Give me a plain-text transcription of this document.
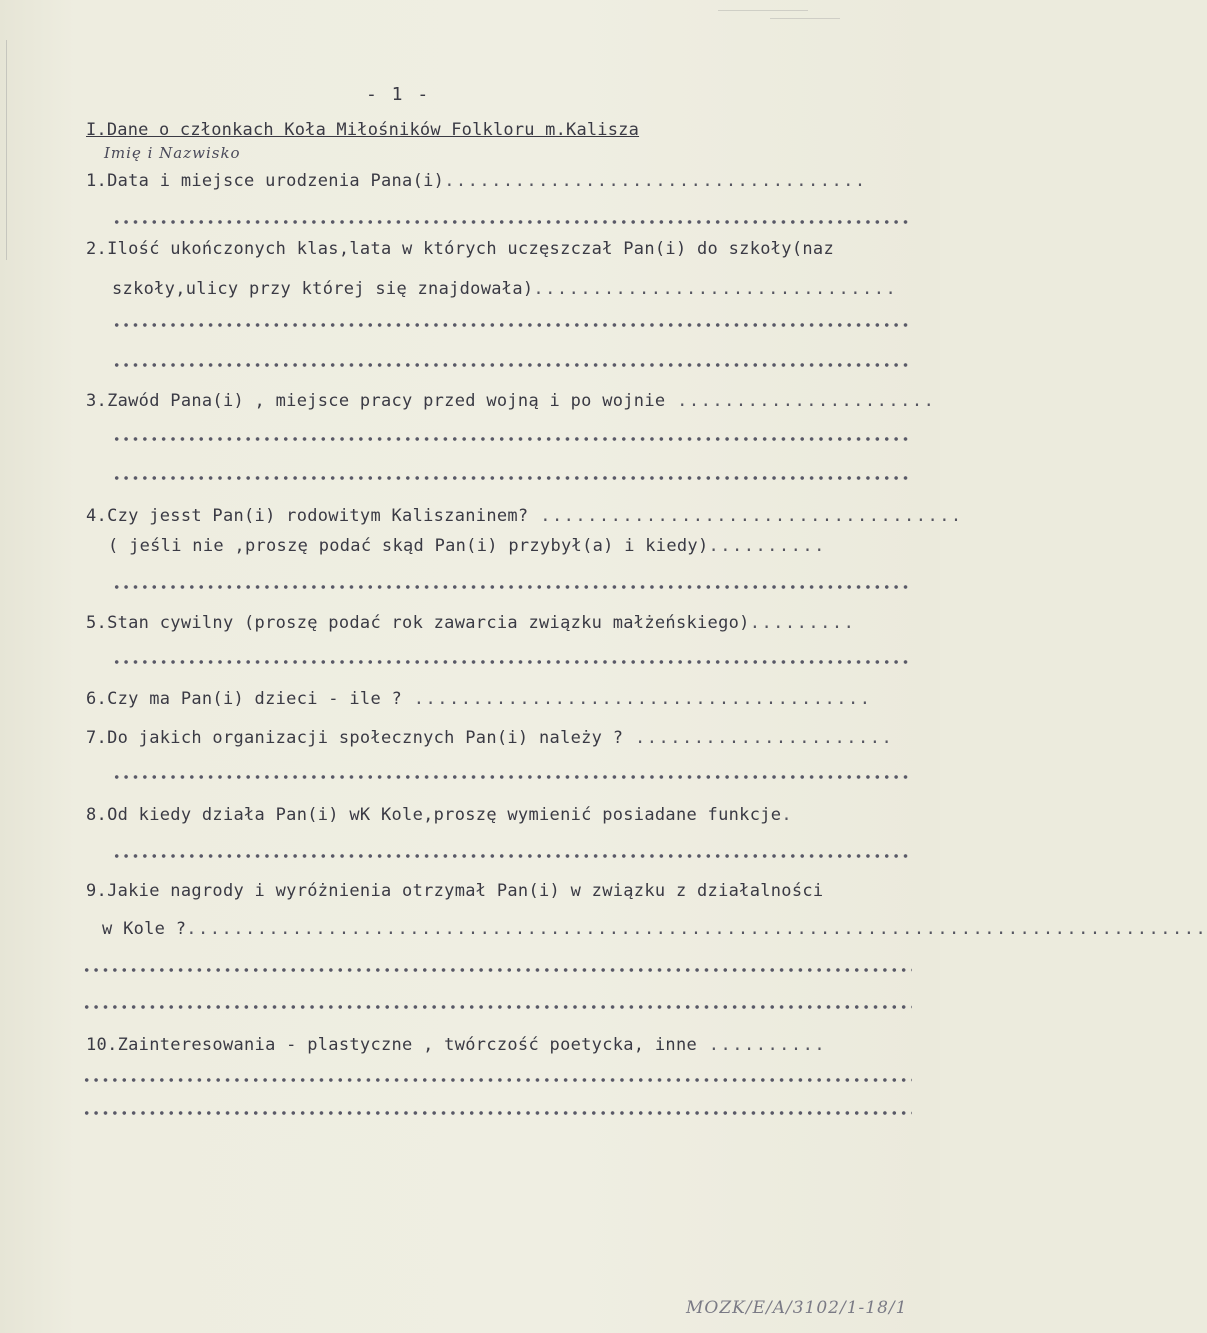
- 1 -
I.Dane o członkach Koła Miłośników Folkloru m.Kalisza
Imię i Nazwisko
1.Data i miejsce urodzenia Pana(i)....................................
2.Ilość ukończonych klas,lata w których uczęszczał Pan(i) do szkoły(naz
szkoły,ulicy przy której się znajdowała)...............................
3.Zawód Pana(i) , miejsce pracy przed wojną i po wojnie ......................
4.Czy jesst Pan(i) rodowitym Kaliszaninem? ....................................
( jeśli nie ,proszę podać skąd Pan(i) przybył(a) i kiedy)..........
5.Stan cywilny (proszę podać rok zawarcia związku małżeńskiego).........
6.Czy ma Pan(i) dzieci - ile ? .......................................
7.Do jakich organizacji społecznych Pan(i) należy ? ......................
8.Od kiedy działa Pan(i) wK Kole,proszę wymienić posiadane funkcje.
9.Jakie nagrody i wyróżnienia otrzymał Pan(i) w związku z działalności
w Kole ?.......................................................................................
10.Zainteresowania - plastyczne , twórczość poetycka, inne ..........
MOZK/E/A/3102/1-18/1
